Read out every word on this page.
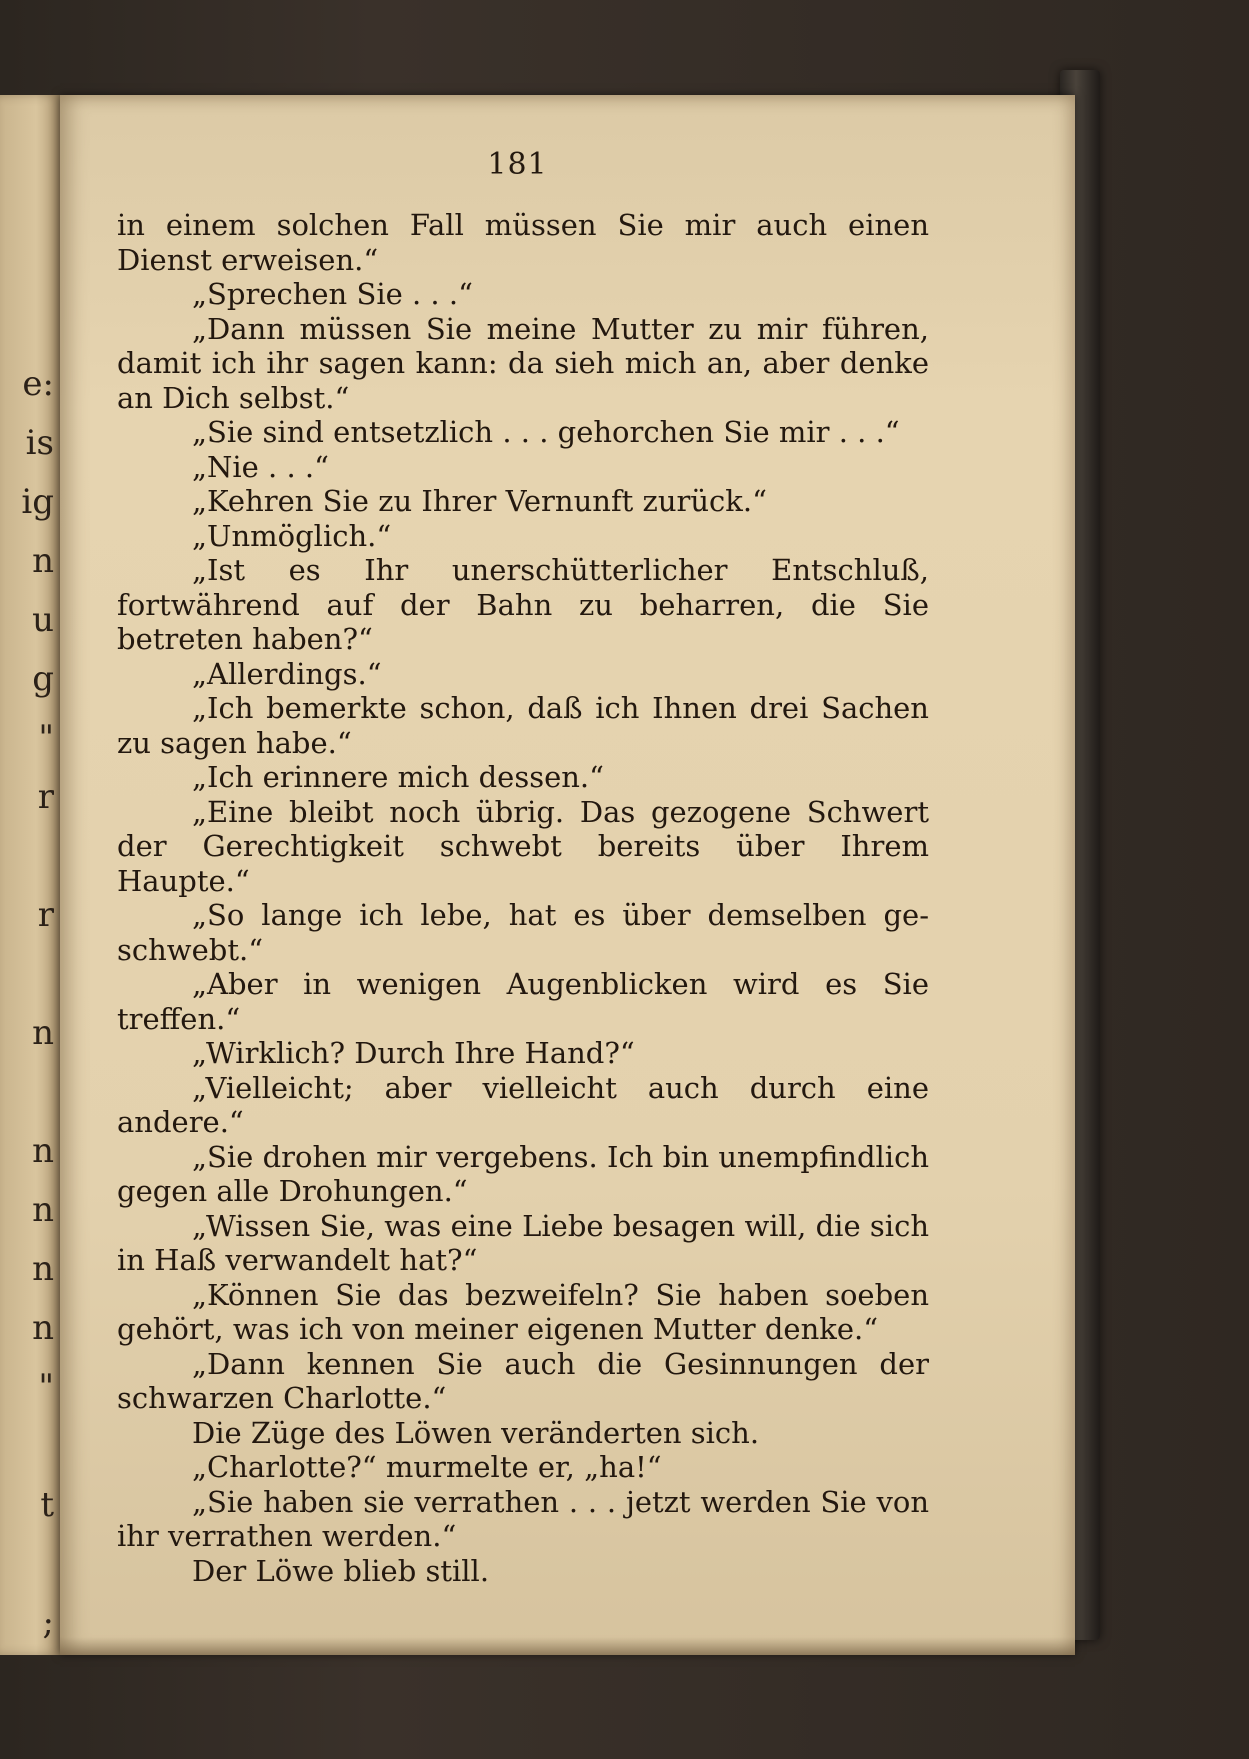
e:
is
ig
n
u
g
"
r

r

n

n
n
n
n
"

t

;
181

in einem solchen Fall müssen Sie mir auch einen Dienst erweisen.“

„Sprechen Sie . . .“

„Dann müssen Sie meine Mutter zu mir führen, damit ich ihr sagen kann: da sieh mich an, aber denke an Dich selbst.“

„Sie sind entsetzlich . . . gehorchen Sie mir . . .“

„Nie . . .“

„Kehren Sie zu Ihrer Vernunft zurück.“

„Unmöglich.“

„Ist es Ihr unerschütterlicher Entschluß, fortwährend auf der Bahn zu beharren, die Sie betreten haben?“

„Allerdings.“

„Ich bemerkte schon, daß ich Ihnen drei Sachen zu sagen habe.“

„Ich erinnere mich dessen.“

„Eine bleibt noch übrig. Das gezogene Schwert der Gerechtigkeit schwebt bereits über Ihrem Haupte.“

„So lange ich lebe, hat es über demselben geschwebt.“

„Aber in wenigen Augenblicken wird es Sie treffen.“

„Wirklich? Durch Ihre Hand?“

„Vielleicht; aber vielleicht auch durch eine andere.“

„Sie drohen mir vergebens. Ich bin unempfindlich gegen alle Drohungen.“

„Wissen Sie, was eine Liebe besagen will, die sich in Haß verwandelt hat?“

„Können Sie das bezweifeln? Sie haben soeben gehört, was ich von meiner eigenen Mutter denke.“

„Dann kennen Sie auch die Gesinnungen der schwarzen Charlotte.“

Die Züge des Löwen veränderten sich.

„Charlotte?“ murmelte er, „ha!“

„Sie haben sie verrathen . . . jetzt werden Sie von ihr verrathen werden.“

Der Löwe blieb still.
